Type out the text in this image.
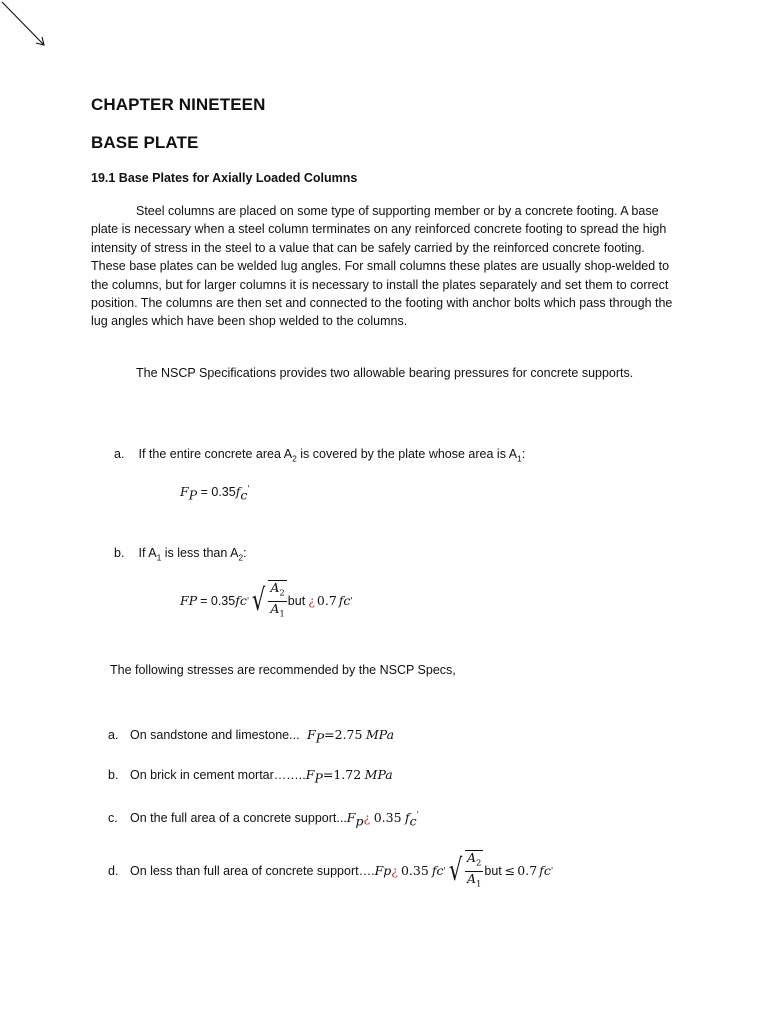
CHAPTER NINETEEN
BASE PLATE
19.1 Base Plates for Axially Loaded Columns
Steel columns are placed on some type of supporting member or by a concrete footing. A base plate is necessary when a steel column terminates on any reinforced concrete footing to spread the high intensity of stress in the steel to a value that can be safely carried by the reinforced concrete footing. These base plates can be welded lug angles. For small columns these plates are usually shop-welded to the columns, but for larger columns it is necessary to install the plates separately and set them to correct position. The columns are then set and connected to the footing with anchor bolts which pass through the lug angles which have been shop welded to the columns.
The NSCP Specifications provides two allowable bearing pressures for concrete supports.
a. If the entire concrete area $A_2$ is covered by the plate whose area is $A_1$:
$F_P = 0.35f_c'$
b. If $A_1$ is less than $A_2$:
F P = 0.35 f c ' √ $\frac{A_2}{A_1}$ but ¿ 0.7 f c '
The following stresses are recommended by the NSCP Specs,
a. On sandstone and limestone... $F_P=2.75$ MPa
b. On brick in cement $mortar\dots\dots..F_P=1.72$ MPa
c. On the full area of a concrete $support...F_p¿$ 0.35 $f_c'$
d. On less than full area of concrete support…. F p ¿ 0.35 f c ' √ $\frac{A_2}{A_1}$ but ≤ 0.7 f c '
